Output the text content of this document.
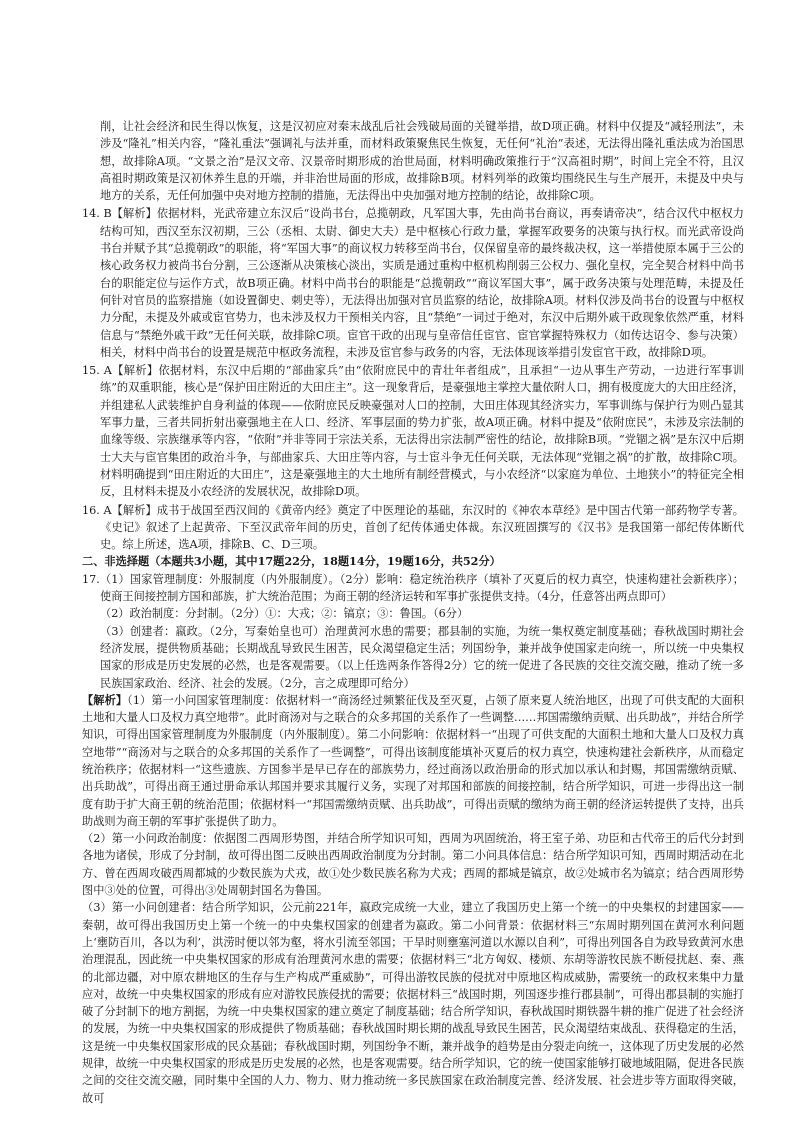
削，让社会经济和民生得以恢复，这是汉初应对秦末战乱后社会残破局面的关键举措，故D项正确。材料中仅提及“减轻刑法”，未涉及“隆礼”相关内容，“隆礼重法”强调礼与法并重，而材料政策聚焦民生恢复，无任何“礼治”表述，无法得出隆礼重法成为治国思想，故排除A项。“文景之治”是汉文帝、汉景帝时期形成的治世局面，材料明确政策推行于“汉高祖时期”，时间上完全不符，且汉高祖时期政策是汉初休养生息的开端，并非治世局面的形成，故排除B项。材料列举的政策均围绕民生与生产展开，未提及中央与地方的关系，无任何加强中央对地方控制的措施，无法得出中央加强对地方控制的结论，故排除C项。

14. B【解析】依据材料，光武帝建立东汉后“设尚书台，总揽朝政，凡军国大事，先由尚书台商议，再奏请帝决”，结合汉代中枢权力结构可知，西汉至东汉初期，三公（丞相、太尉、御史大夫）是中枢核心行政力量，掌握军政要务的决策与执行权。而光武帝设尚书台并赋予其“总揽朝政”的职能，将“军国大事”的商议权力转移至尚书台，仅保留皇帝的最终裁决权，这一举措使原本属于三公的核心政务权力被尚书台分割，三公逐渐从决策核心淡出，实质是通过重构中枢机构削弱三公权力、强化皇权，完全契合材料中尚书台的职能定位与运作方式，故B项正确。材料中尚书台的职能是“总揽朝政”“商议军国大事”，属于政务决策与处理范畴，未提及任何针对官员的监察措施（如设置御史、刺史等），无法得出加强对官员监察的结论，故排除A项。材料仅涉及尚书台的设置与中枢权力分配，未提及外戚或宦官势力，也未涉及权力干预相关内容，且“禁绝”一词过于绝对，东汉中后期外戚干政现象依然严重，材料信息与“禁绝外戚干政”无任何关联，故排除C项。宦官干政的出现与皇帝信任宦官、宦官掌握特殊权力（如传达诏令、参与决策）相关，材料中尚书台的设置是规范中枢政务流程，未涉及宦官参与政务的内容，无法体现该举措引发宦官干政，故排除D项。

15. A【解析】依据材料，东汉中后期的“部曲家兵”由“依附庶民中的青壮年者组成”，且承担“一边从事生产劳动，一边进行军事训练”的双重职能，核心是“保护田庄附近的大田庄主”。这一现象背后，是豪强地主掌控大量依附人口，拥有极度庞大的大田庄经济，并组建私人武装维护自身利益的体现——依附庶民反映豪强对人口的控制，大田庄体现其经济实力，军事训练与保护行为则凸显其军事力量，三者共同折射出豪强地主在人口、经济、军事层面的势力扩张，故A项正确。材料中提及“依附庶民”，未涉及宗法制的血缘等级、宗族继承等内容，“依附”并非等同于宗法关系，无法得出宗法制严密性的结论，故排除B项。“党锢之祸”是东汉中后期士大夫与宦官集团的政治斗争，与部曲家兵、大田庄等内容，与士宦斗争无任何关联，无法体现“党锢之祸”的扩散，故排除C项。材料明确提到“田庄附近的大田庄”，这是豪强地主的大土地所有制经营模式，与小农经济“以家庭为单位、土地狭小”的特征完全相反，且材料未提及小农经济的发展状况，故排除D项。

16. A【解析】成书于战国至西汉间的《黄帝内经》奠定了中医理论的基础，东汉时的《神农本草经》是中国古代第一部药物学专著。《史记》叙述了上起黄帝、下至汉武帝年间的历史，首创了纪传体通史体裁。东汉班固撰写的《汉书》是我国第一部纪传体断代史。综上所述，选A项，排除B、C、D三项。

二、非选择题（本题共3小题，其中17题22分，18题14分，19题16分，共52分）

17.（1）国家管理制度：外服制度（内外服制度）。（2分）影响：稳定统治秩序（填补了灭夏后的权力真空，快速构建社会新秩序）；使商王间接控制方国和部族，扩大统治范围；为商王朝的经济运转和军事扩张提供支持。（4分，任意答出两点即可）

（2）政治制度：分封制。（2分）①：大戎；②：镐京；③：鲁国。（6分）

（3）创建者：嬴政。（2分，写秦始皇也可）治理黄河水患的需要；郡县制的实施，为统一集权奠定制度基础；春秋战国时期社会经济发展，提供物质基础；长期战乱导致民生困苦，民众渴望稳定生活；列国纷争，兼并战争使国家走向统一，所以统一中央集权国家的形成是历史发展的必然，也是客观需要。（以上任选两条作答得2分）它的统一促进了各民族的交往交流交融，推动了统一多民族国家政治、经济、社会的发展。（2分，言之成理即可给分）

【解析】（1）第一小问国家管理制度：依据材料一“商汤经过频繁征伐及至灭夏，占领了原来夏人统治地区，出现了可供支配的大面积土地和大量人口及权力真空地带”。此时商汤对与之联合的众多邦国的关系作了一些调整……邦国需缴纳贡赋、出兵助战”，并结合所学知识，可得出国家管理制度为外服制度（内外服制度）。第二小问影响：依据材料一“出现了可供支配的大面积土地和大量人口及权力真空地带”“商汤对与之联合的众多邦国的关系作了一些调整”，可得出该制度能填补灭夏后的权力真空，快速构建社会新秩序，从而稳定统治秩序；依据材料一“这些遗族、方国参半是早已存在的部族势力，经过商汤以政治册命的形式加以承认和封赐，邦国需缴纳贡赋、出兵助战”，可得出商王通过册命承认邦国并要求其履行义务，实现了对邦国和部族的间接控制，结合所学知识，可进一步得出这一制度有助于扩大商王朝的统治范围；依据材料一“邦国需缴纳贡赋、出兵助战”，可得出贡赋的缴纳为商王朝的经济运转提供了支持，出兵助战则为商王朝的军事扩张提供了助力。

（2）第一小问政治制度：依据图二西周形势图，并结合所学知识可知，西周为巩固统治，将王室子弟、功臣和古代帝王的后代分封到各地为诸侯，形成了分封制，故可得出图二反映出西周政治制度为分封制。第二小问具体信息：结合所学知识可知，西周时期活动在北方、曾在西周攻破西周都城的少数民族为犬戎，故①处少数民族名称为犬戎；西周的都城是镐京，故②处城市名为镐京；结合西周形势图中③处的位置，可得出③处周朝封国名为鲁国。

（3）第一小问创建者：结合所学知识，公元前221年，嬴政完成统一大业，建立了我国历史上第一个统一的中央集权的封建国家——秦朝，故可得出我国历史上第一个统一的中央集权国家的创建者为嬴政。第二小问背景：依据材料三“东周时期列国在黄河水利问题上‘壅防百川，各以为利’，洪涝时便以邻为壑，将水引流至邻国；干旱时则壅塞河道以水源以自利”，可得出列国各自为政导致黄河水患治理混乱，因此统一中央集权国家的形成有治理黄河水患的需要；依据材料三“北方匈奴、楼烦、东胡等游牧民族不断侵扰赵、秦、燕的北部边疆，对中原农耕地区的生存与生产构成严重威胁”，可得出游牧民族的侵扰对中原地区构成威胁，需要统一的政权来集中力量应对，故统一中央集权国家的形成有应对游牧民族侵扰的需要；依据材料三“战国时期，列国逐步推行郡县制”，可得出郡县制的实施打破了分封制下的地方割据，为统一中央集权国家的建立奠定了制度基础；结合所学知识，春秋战国时期铁器牛耕的推广促进了社会经济的发展，为统一中央集权国家的形成提供了物质基础；春秋战国时期长期的战乱导致民生困苦，民众渴望结束战乱、获得稳定的生活，这是统一中央集权国家形成的民众基础；春秋战国时期，列国纷争不断，兼并战争的趋势是由分裂走向统一，这体现了历史发展的必然规律，故统一中央集权国家的形成是历史发展的必然，也是客观需要。结合所学知识，它的统一使国家能够打破地域阻隔，促进各民族之间的交往交流交融，同时集中全国的人力、物力、财力推动统一多民族国家在政治制度完善、经济发展、社会进步等方面取得突破，故可
